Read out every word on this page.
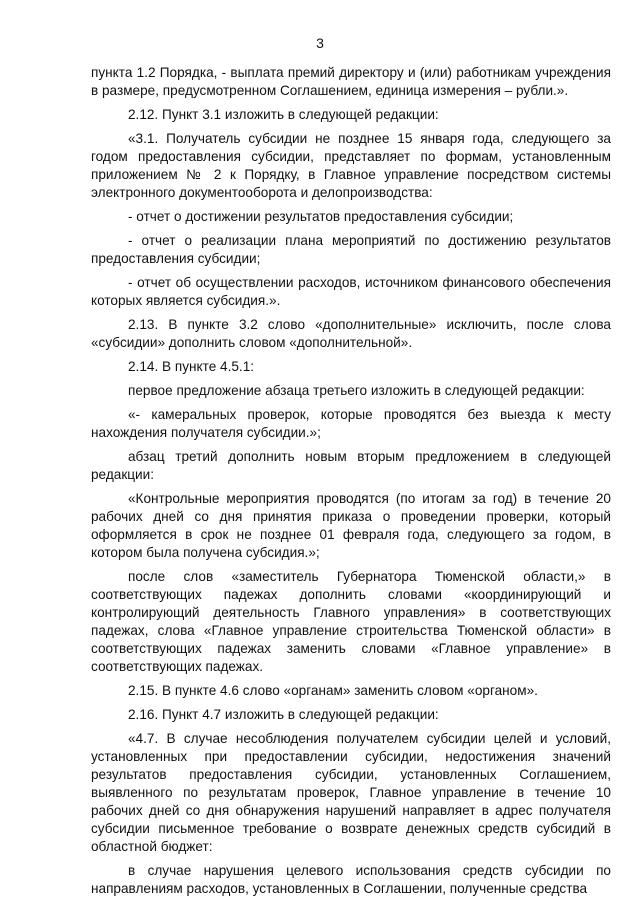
3

пункта 1.2 Порядка, - выплата премий директору и (или) работникам учреждения в размере, предусмотренном Соглашением, единица измерения – рубли.».

2.12. Пункт 3.1 изложить в следующей редакции:

«3.1. Получатель субсидии не позднее 15 января года, следующего за годом предоставления субсидии, представляет по формам, установленным приложением № 2 к Порядку, в Главное управление посредством системы электронного документооборота и делопроизводства:

- отчет о достижении результатов предоставления субсидии;

- отчет о реализации плана мероприятий по достижению результатов предоставления субсидии;

- отчет об осуществлении расходов, источником финансового обеспечения которых является субсидия.».

2.13. В пункте 3.2 слово «дополнительные» исключить, после слова «субсидии» дополнить словом «дополнительной».

2.14. В пункте 4.5.1:

первое предложение абзаца третьего изложить в следующей редакции:

«- камеральных проверок, которые проводятся без выезда к месту нахождения получателя субсидии.»;

абзац третий дополнить новым вторым предложением в следующей редакции:

«Контрольные мероприятия проводятся (по итогам за год) в течение 20 рабочих дней со дня принятия приказа о проведении проверки, который оформляется в срок не позднее 01 февраля года, следующего за годом, в котором была получена субсидия.»;

после слов «заместитель Губернатора Тюменской области,» в соответствующих падежах дополнить словами «координирующий и контролирующий деятельность Главного управления» в соответствующих падежах, слова «Главное управление строительства Тюменской области» в соответствующих падежах заменить словами «Главное управление» в соответствующих падежах.

2.15. В пункте 4.6 слово «органам» заменить словом «органом».

2.16. Пункт 4.7 изложить в следующей редакции:

«4.7. В случае несоблюдения получателем субсидии целей и условий, установленных при предоставлении субсидии, недостижения значений результатов предоставления субсидии, установленных Соглашением, выявленного по результатам проверок, Главное управление в течение 10 рабочих дней со дня обнаружения нарушений направляет в адрес получателя субсидии письменное требование о возврате денежных средств субсидий в областной бюджет:

в случае нарушения целевого использования средств субсидии по направлениям расходов, установленных в Соглашении, полученные средства
